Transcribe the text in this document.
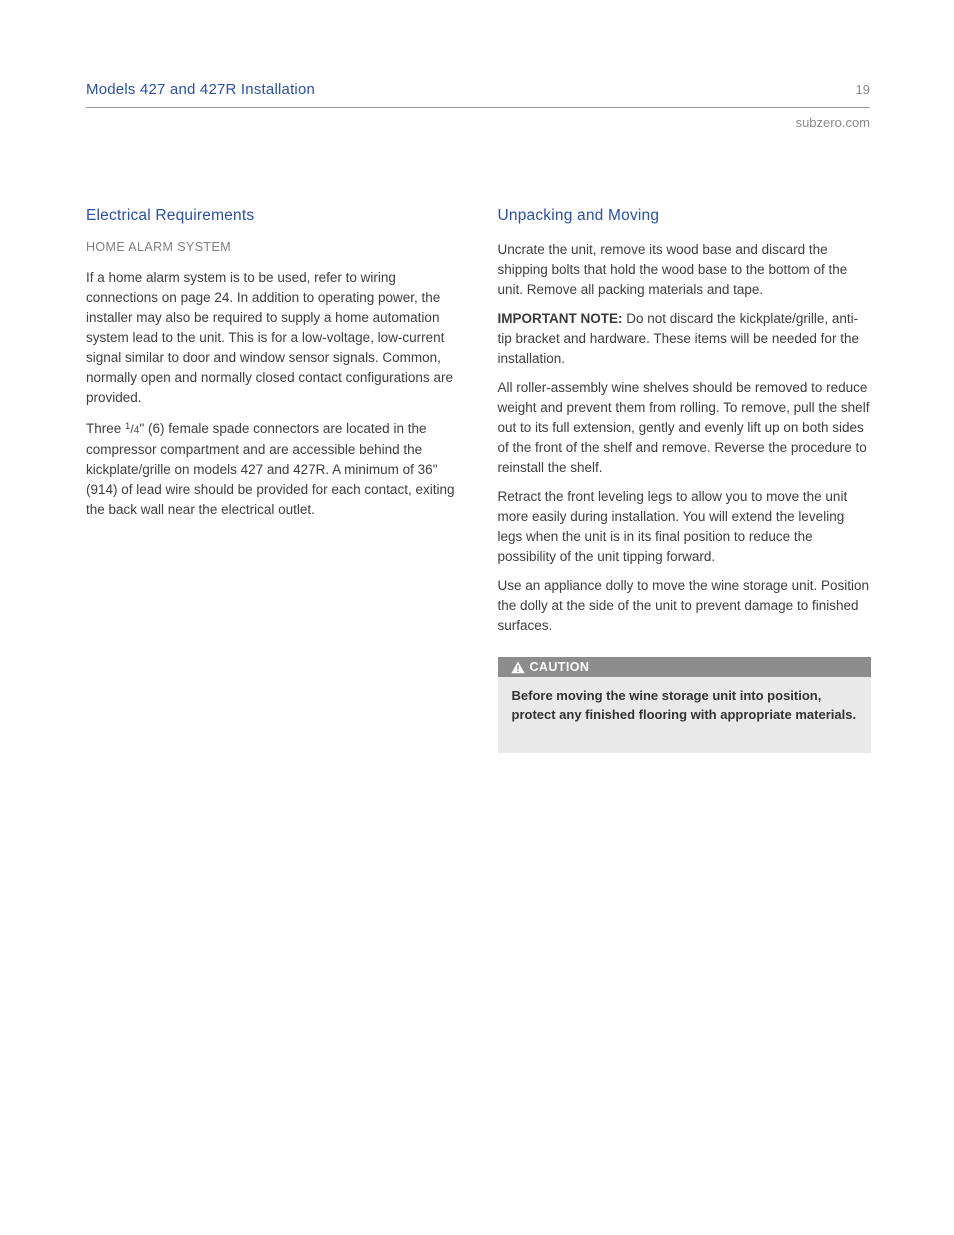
Models 427 and 427R Installation	19
subzero.com
Electrical Requirements
HOME ALARM SYSTEM

If a home alarm system is to be used, refer to wiring connections on page 24. In addition to operating power, the installer may also be required to supply a home automation system lead to the unit. This is for a low-voltage, low-current signal similar to door and window sensor signals. Common, normally open and normally closed contact configurations are provided.

Three $^1$/4" (6) female spade connectors are located in the compressor compartment and are accessible behind the kickplate/grille on models 427 and 427R. A minimum of 36" (914) of lead wire should be provided for each contact, exiting the back wall near the electrical outlet.

Unpacking and Moving

Uncrate the unit, remove its wood base and discard the shipping bolts that hold the wood base to the bottom of the unit. Remove all packing materials and tape.

IMPORTANT NOTE: Do not discard the kickplate/grille, anti-tip bracket and hardware. These items will be needed for the installation.

All roller-assembly wine shelves should be removed to reduce weight and prevent them from rolling. To remove, pull the shelf out to its full extension, gently and evenly lift up on both sides of the front of the shelf and remove. Reverse the procedure to reinstall the shelf.

Retract the front leveling legs to allow you to move the unit more easily during installation. You will extend the leveling legs when the unit is in its final position to reduce the possibility of the unit tipping forward.

Use an appliance dolly to move the wine storage unit. Position the dolly at the side of the unit to prevent damage to finished surfaces.

CAUTION
Before moving the wine storage unit into position, protect any finished flooring with appropriate materials.
